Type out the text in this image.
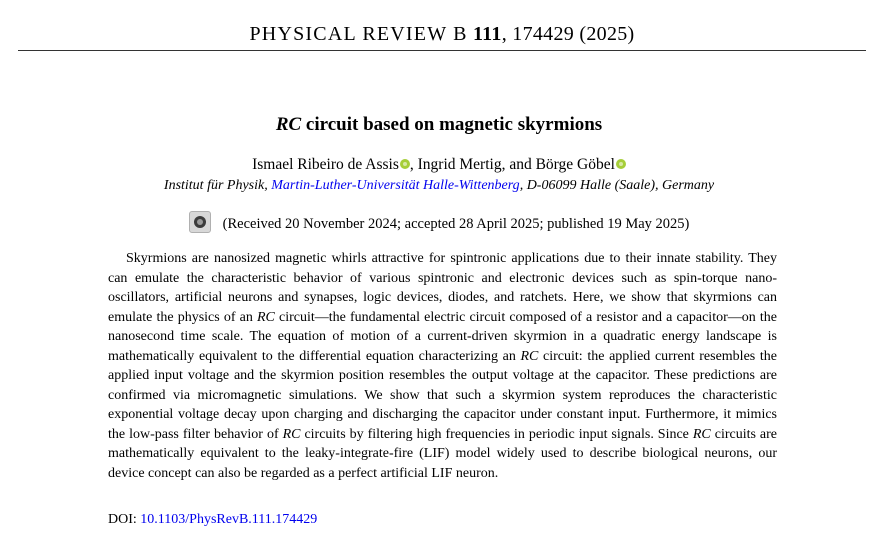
PHYSICAL REVIEW B 111, 174429 (2025)
RC circuit based on magnetic skyrmions
Ismael Ribeiro de Assis , Ingrid Mertig, and Börge Göbel
Institut für Physik, Martin-Luther-Universität Halle-Wittenberg, D-06099 Halle (Saale), Germany
(Received 20 November 2024; accepted 28 April 2025; published 19 May 2025)

Skyrmions are nanosized magnetic whirls attractive for spintronic applications due to their innate stability. They can emulate the characteristic behavior of various spintronic and electronic devices such as spin-torque nano-oscillators, artificial neurons and synapses, logic devices, diodes, and ratchets. Here, we show that skyrmions can emulate the physics of an RC circuit—the fundamental electric circuit composed of a resistor and a capacitor—on the nanosecond time scale. The equation of motion of a current-driven skyrmion in a quadratic energy landscape is mathematically equivalent to the differential equation characterizing an RC circuit: the applied current resembles the applied input voltage and the skyrmion position resembles the output voltage at the capacitor. These predictions are confirmed via micromagnetic simulations. We show that such a skyrmion system reproduces the characteristic exponential voltage decay upon charging and discharging the capacitor under constant input. Furthermore, it mimics the low-pass filter behavior of RC circuits by filtering high frequencies in periodic input signals. Since RC circuits are mathematically equivalent to the leaky-integrate-fire (LIF) model widely used to describe biological neurons, our device concept can also be regarded as a perfect artificial LIF neuron.

DOI: 10.1103/PhysRevB.111.174429
